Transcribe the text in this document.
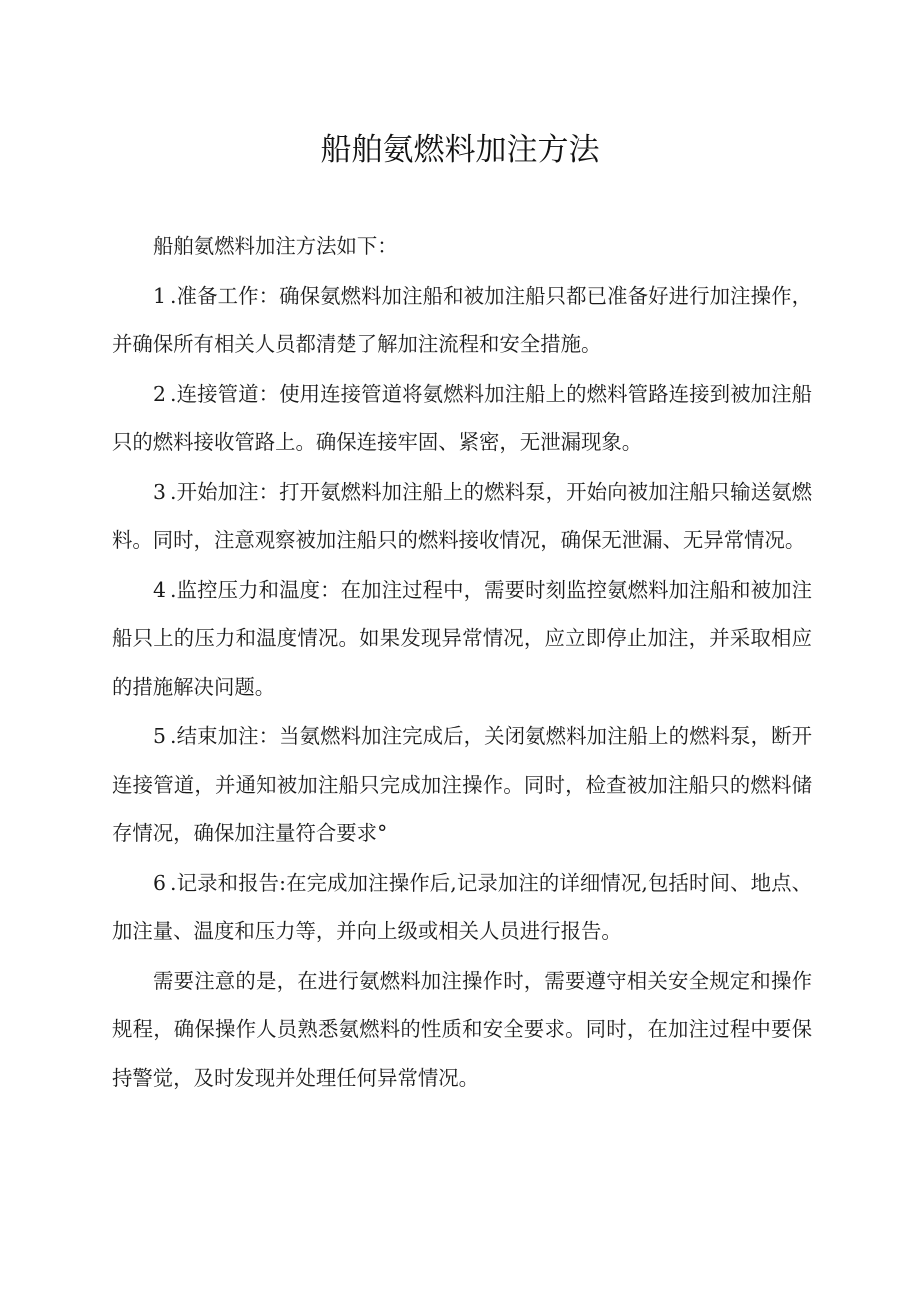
船舶氨燃料加注方法

船舶氨燃料加注方法如下：

1 .准备工作：确保氨燃料加注船和被加注船只都已准备好进行加注操作，并确保所有相关人员都清楚了解加注流程和安全措施。

2 .连接管道：使用连接管道将氨燃料加注船上的燃料管路连接到被加注船只的燃料接收管路上。确保连接牢固、紧密，无泄漏现象。

3 .开始加注：打开氨燃料加注船上的燃料泵，开始向被加注船只输送氨燃料。同时，注意观察被加注船只的燃料接收情况，确保无泄漏、无异常情况。

4 .监控压力和温度：在加注过程中，需要时刻监控氨燃料加注船和被加注船只上的压力和温度情况。如果发现异常情况，应立即停止加注，并采取相应的措施解决问题。

5 .结束加注：当氨燃料加注完成后，关闭氨燃料加注船上的燃料泵，断开连接管道，并通知被加注船只完成加注操作。同时，检查被加注船只的燃料储存情况，确保加注量符合要求°

6 .记录和报告:在完成加注操作后,记录加注的详细情况,包括时间、地点、加注量、温度和压力等，并向上级或相关人员进行报告。

需要注意的是，在进行氨燃料加注操作时，需要遵守相关安全规定和操作规程，确保操作人员熟悉氨燃料的性质和安全要求。同时，在加注过程中要保持警觉，及时发现并处理任何异常情况。
